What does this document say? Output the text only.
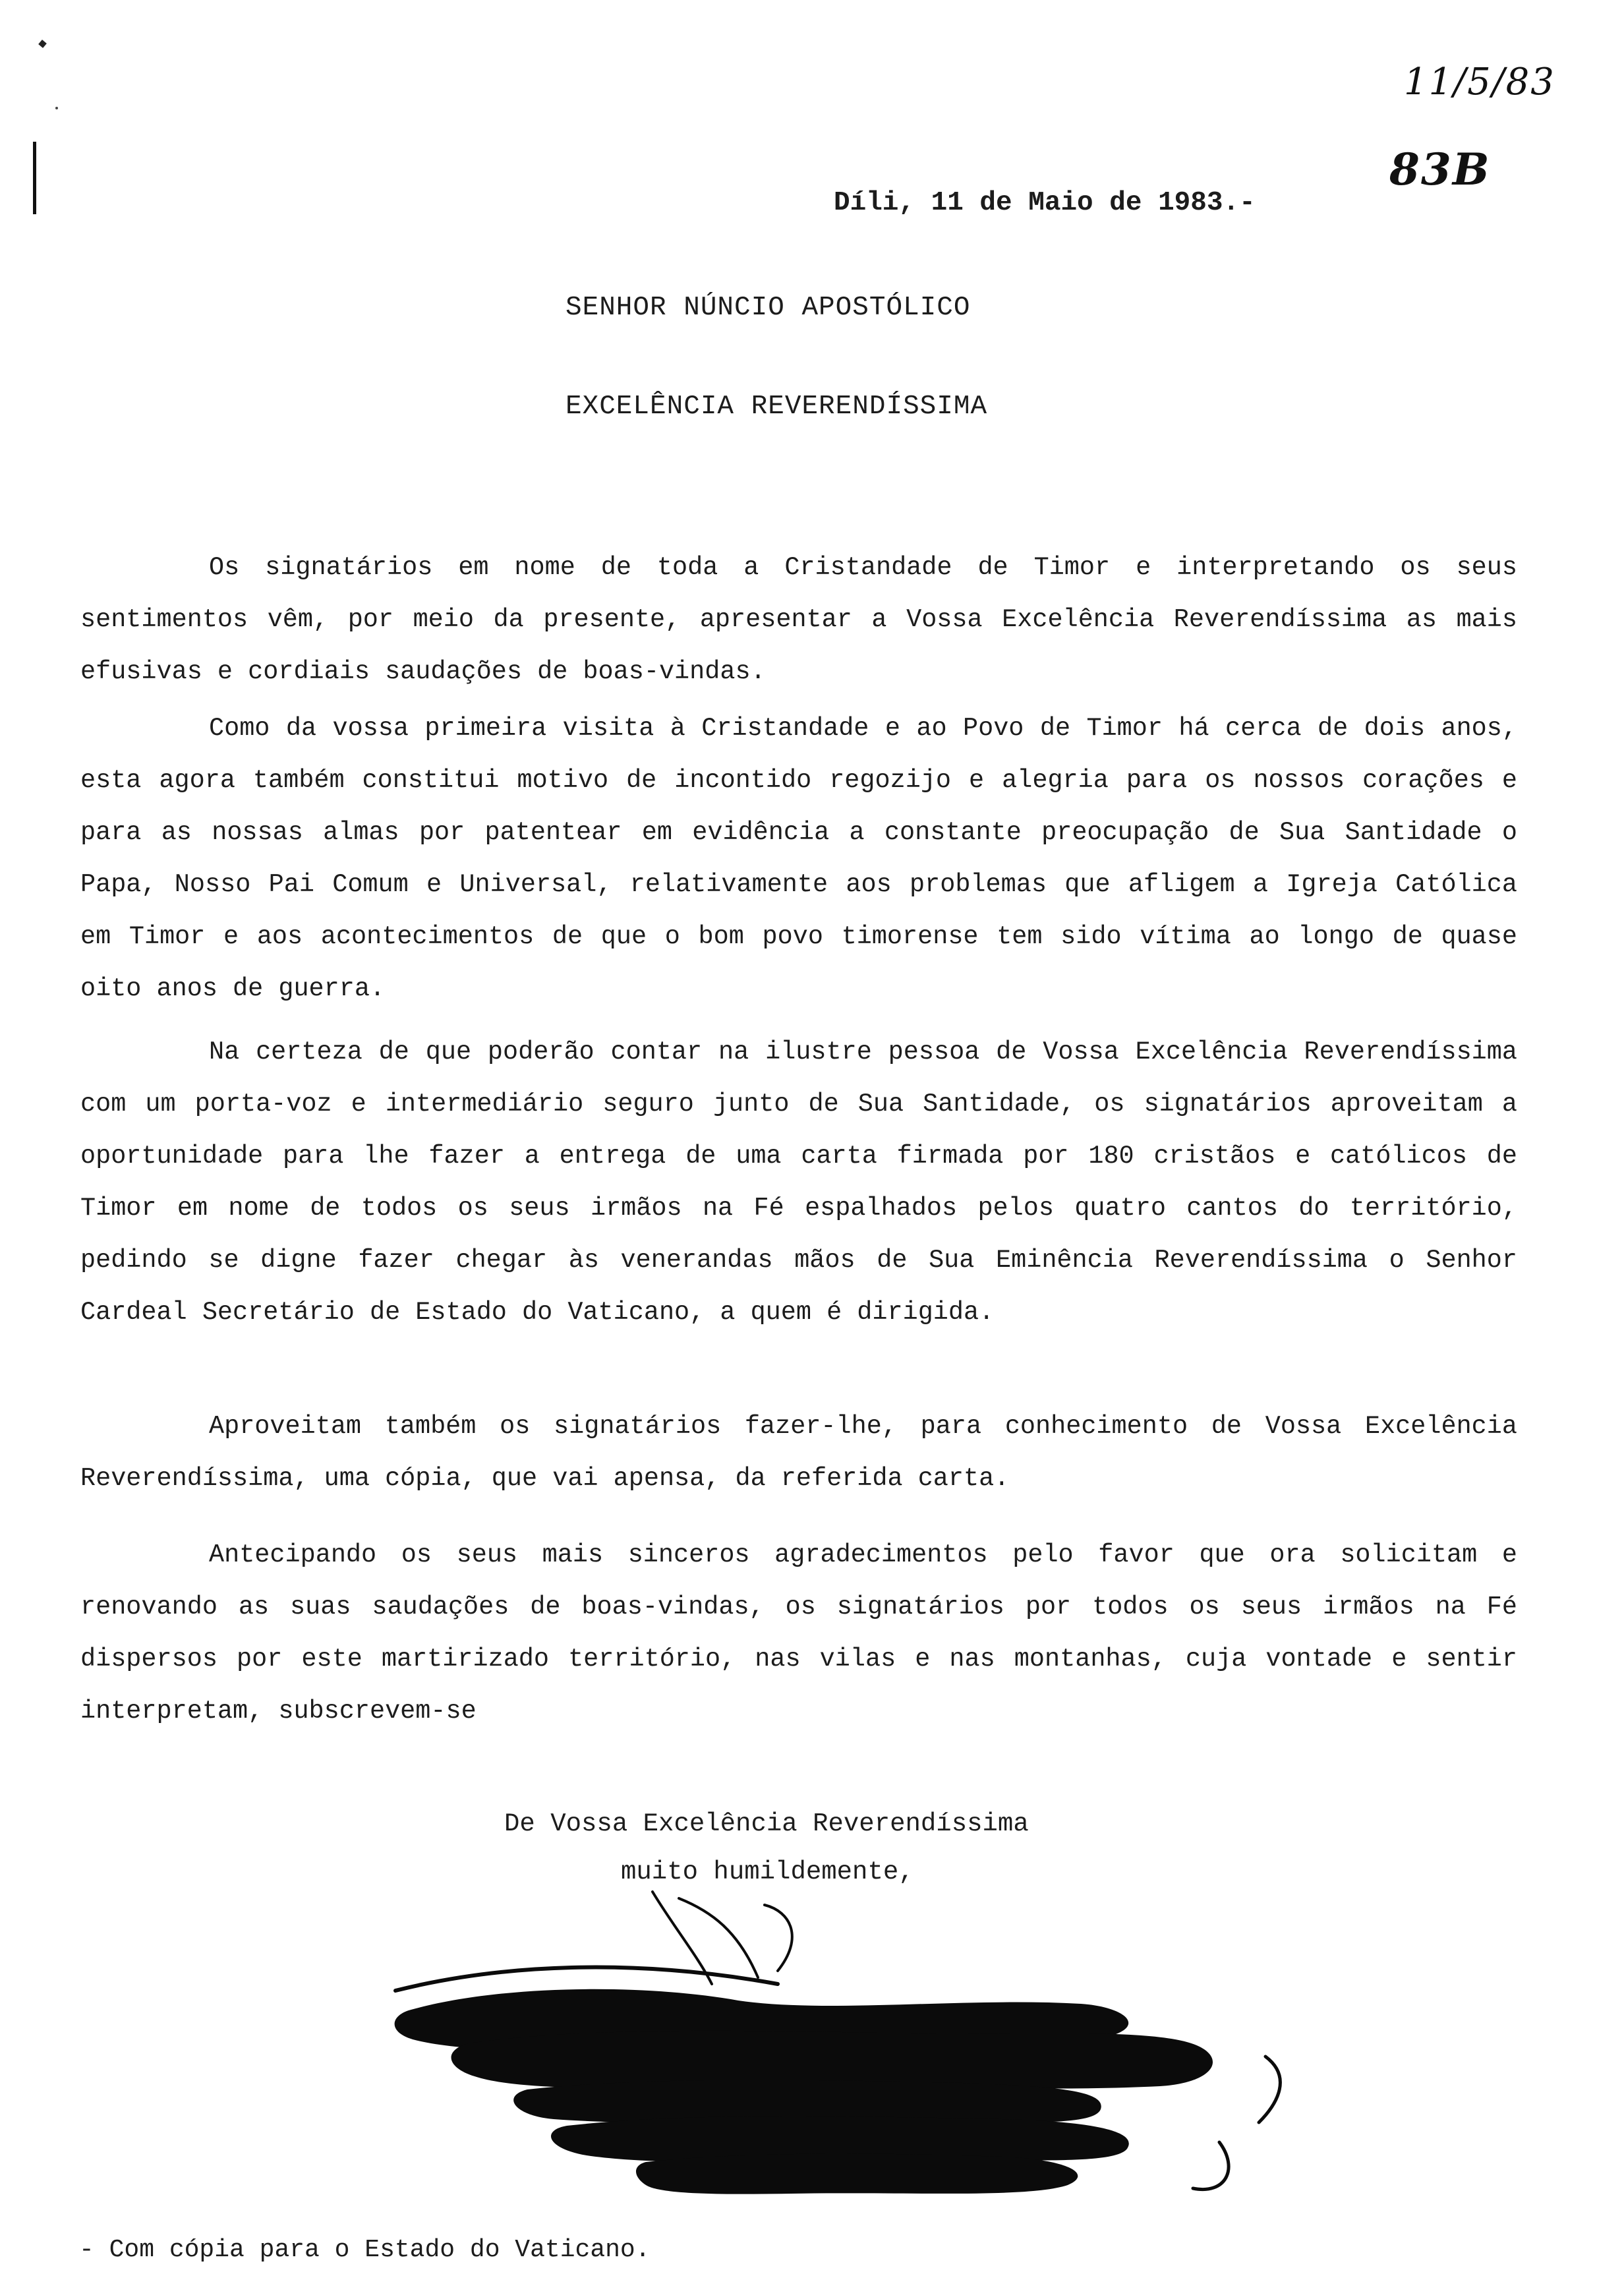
11/5/83
83B
Díli, 11 de Maio de 1983.-
SENHOR NÚNCIO APOSTÓLICO
EXCELÊNCIA REVERENDÍSSIMA

Os signatários em nome de toda a Cristandade de Timor e interpretando os seus sentimentos vêm, por meio da presente, apresentar a Vossa Excelência Reverendíssima as mais efusivas e cordiais saudações de boas-vindas.

Como da vossa primeira visita à Cristandade e ao Povo de Timor há cerca de dois anos, esta agora também constitui motivo de incontido regozijo e alegria para os nossos corações e para as nossas almas por patentear em evidência a constante preocupação de Sua Santidade o Papa, Nosso Pai Comum e Universal, relativamente aos problemas que afligem a Igreja Católica em Timor e aos acontecimentos de que o bom povo timorense tem sido vítima ao longo de quase oito anos de guerra.

Na certeza de que poderão contar na ilustre pessoa de Vossa Excelência Reverendíssima com um porta-voz e intermediário seguro junto de Sua Santidade, os signatários aproveitam a oportunidade para lhe fazer a entrega de uma carta firmada por 180 cristãos e católicos de Timor em nome de todos os seus irmãos na Fé espalhados pelos quatro cantos do território, pedindo se digne fazer chegar às venerandas mãos de Sua Eminência Reverendíssima o Senhor Cardeal Secretário de Estado do Vaticano, a quem é dirigida.

Aproveitam também os signatários fazer-lhe, para conhecimento de Vossa Excelência Reverendíssima, uma cópia, que vai apensa, da referida carta.

Antecipando os seus mais sinceros agradecimentos pelo favor que ora solicitam e renovando as suas saudações de boas-vindas, os signatários por todos os seus irmãos na Fé dispersos por este martirizado território, nas vilas e nas montanhas, cuja vontade e sentir interpretam, subscrevem-se

De Vossa Excelência Reverendíssima
muito humildemente,
- Com cópia para o Estado do Vaticano.
